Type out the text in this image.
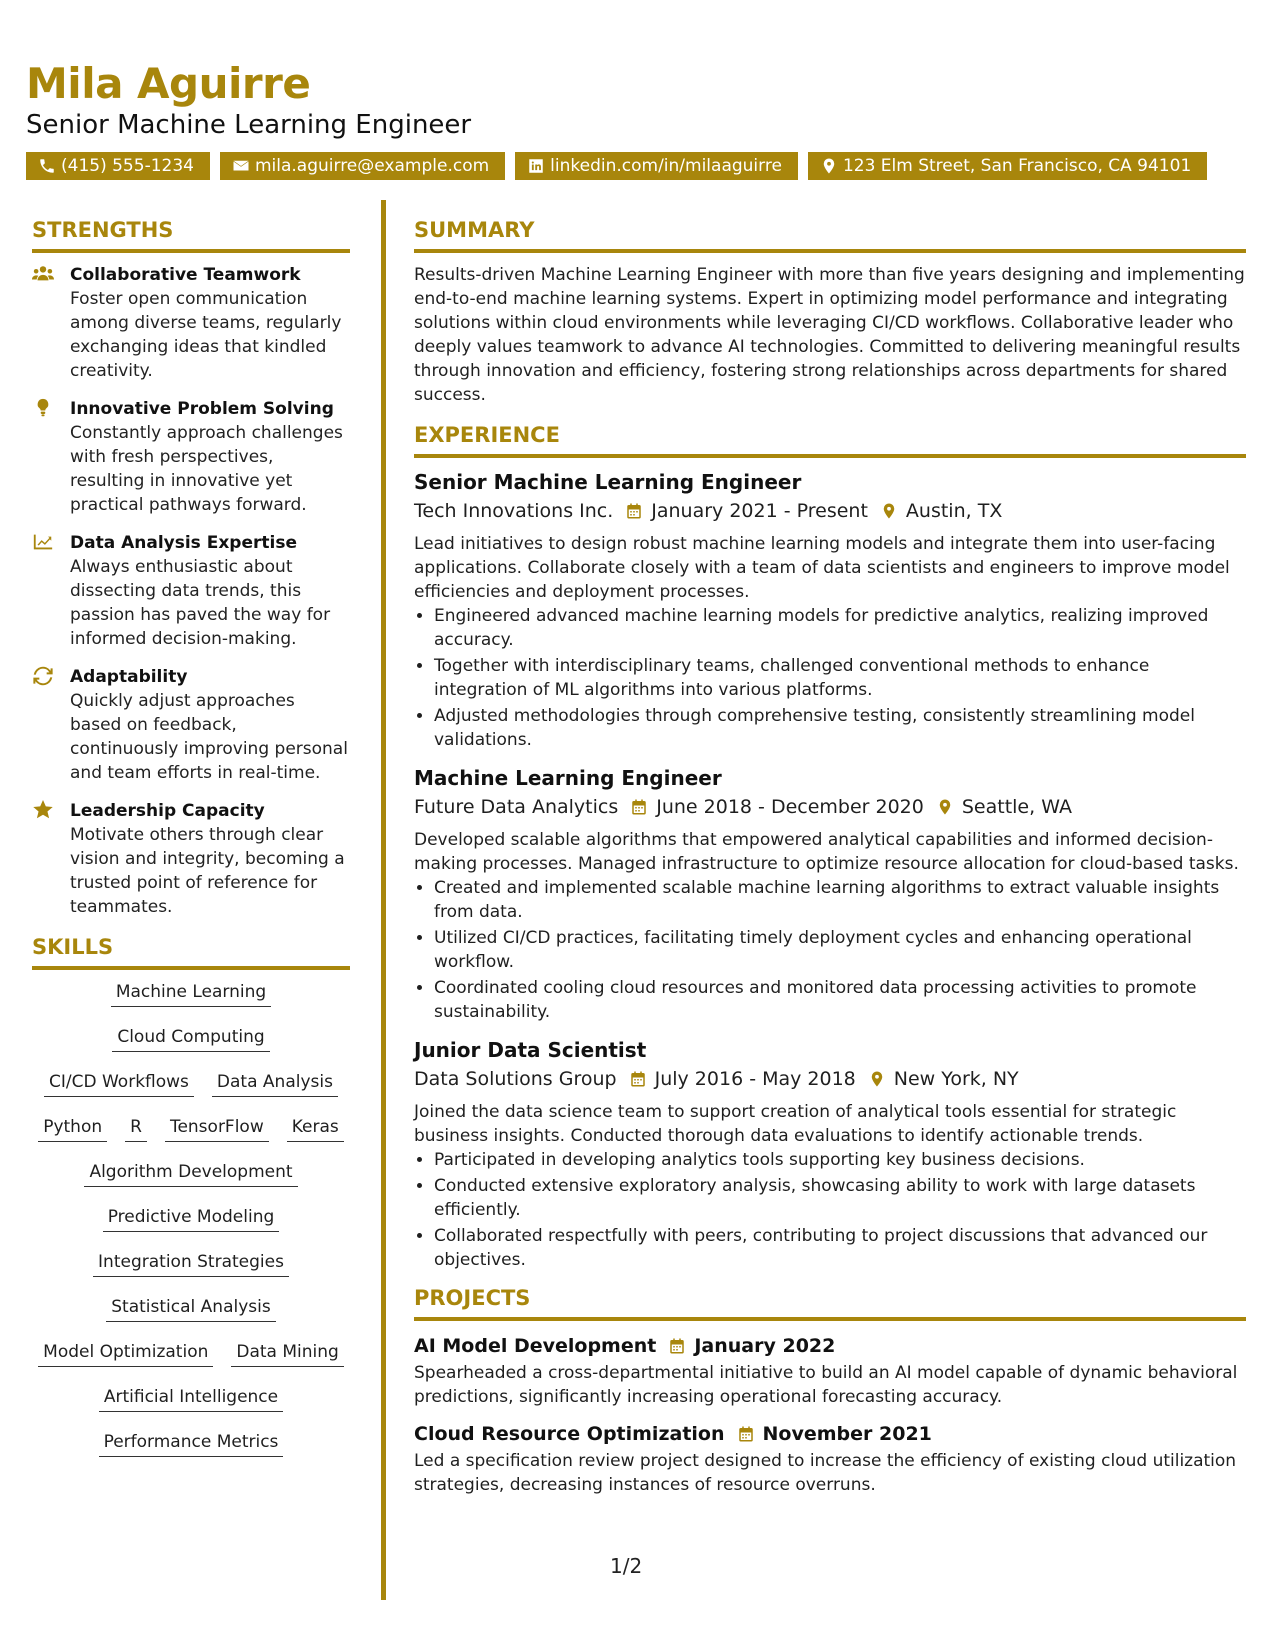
Mila Aguirre
Senior Machine Learning Engineer
(415) 555-1234	mila.aguirre@example.com	linkedin.com/in/milaaguirre	123 Elm Street, San Francisco, CA 94101
STRENGTHS
Collaborative Teamwork
Foster open communication among diverse teams, regularly exchanging ideas that kindled creativity.
Innovative Problem Solving
Constantly approach challenges with fresh perspectives, resulting in innovative yet practical pathways forward.
Data Analysis Expertise
Always enthusiastic about dissecting data trends, this passion has paved the way for informed decision-making.
Adaptability
Quickly adjust approaches based on feedback, continuously improving personal and team efforts in real-time.
Leadership Capacity
Motivate others through clear vision and integrity, becoming a trusted point of reference for teammates.
SKILLS
Machine Learning
Cloud Computing
CI/CD Workflows Data Analysis
Python R TensorFlow Keras
Algorithm Development
Predictive Modeling
Integration Strategies
Statistical Analysis
Model Optimization Data Mining
Artificial Intelligence
Performance Metrics
SUMMARY
Results-driven Machine Learning Engineer with more than five years designing and implementing end-to-end machine learning systems. Expert in optimizing model performance and integrating solutions within cloud environments while leveraging CI/CD workflows. Collaborative leader who deeply values teamwork to advance AI technologies. Committed to delivering meaningful results through innovation and efficiency, fostering strong relationships across departments for shared success.
EXPERIENCE
Senior Machine Learning Engineer
Tech Innovations Inc. January 2021 - Present Austin, TX
Lead initiatives to design robust machine learning models and integrate them into user-facing applications. Collaborate closely with a team of data scientists and engineers to improve model efficiencies and deployment processes.
• Engineered advanced machine learning models for predictive analytics, realizing improved accuracy.
• Together with interdisciplinary teams, challenged conventional methods to enhance integration of ML algorithms into various platforms.
• Adjusted methodologies through comprehensive testing, consistently streamlining model validations.
Machine Learning Engineer
Future Data Analytics June 2018 - December 2020 Seattle, WA
Developed scalable algorithms that empowered analytical capabilities and informed decision-making processes. Managed infrastructure to optimize resource allocation for cloud-based tasks.
• Created and implemented scalable machine learning algorithms to extract valuable insights from data.
• Utilized CI/CD practices, facilitating timely deployment cycles and enhancing operational workflow.
• Coordinated cooling cloud resources and monitored data processing activities to promote sustainability.
Junior Data Scientist
Data Solutions Group July 2016 - May 2018 New York, NY
Joined the data science team to support creation of analytical tools essential for strategic business insights. Conducted thorough data evaluations to identify actionable trends.
• Participated in developing analytics tools supporting key business decisions.
• Conducted extensive exploratory analysis, showcasing ability to work with large datasets efficiently.
• Collaborated respectfully with peers, contributing to project discussions that advanced our objectives.
PROJECTS
AI Model Development January 2022
Spearheaded a cross-departmental initiative to build an AI model capable of dynamic behavioral predictions, significantly increasing operational forecasting accuracy.
Cloud Resource Optimization November 2021
Led a specification review project designed to increase the efficiency of existing cloud utilization strategies, decreasing instances of resource overruns.
1/2
